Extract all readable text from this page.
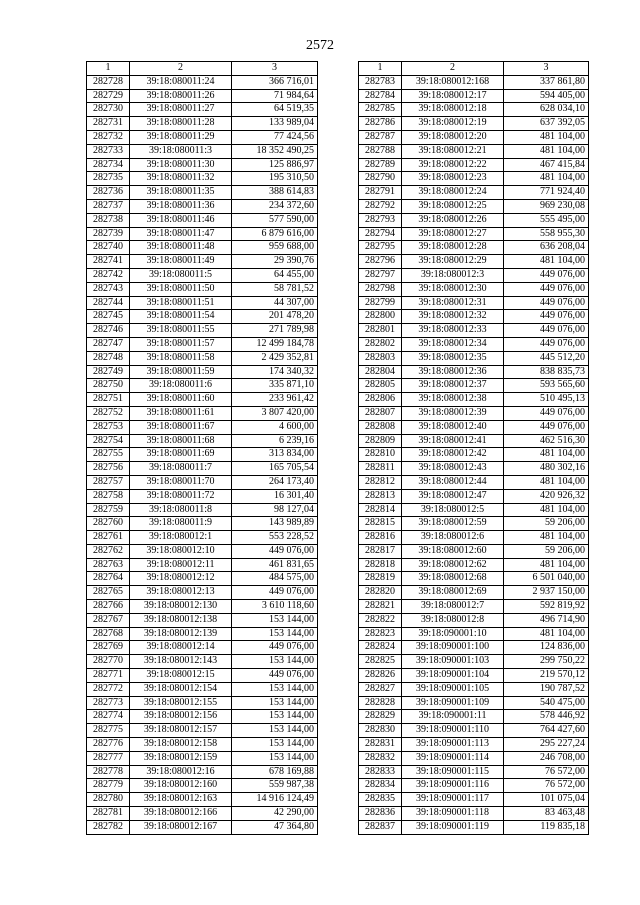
2572
1	2	3
282728	39:18:080011:24	366 716,01
282729	39:18:080011:26	71 984,64
282730	39:18:080011:27	64 519,35
282731	39:18:080011:28	133 989,04
282732	39:18:080011:29	77 424,56
282733	39:18:080011:3	18 352 490,25
282734	39:18:080011:30	125 886,97
282735	39:18:080011:32	195 310,50
282736	39:18:080011:35	388 614,83
282737	39:18:080011:36	234 372,60
282738	39:18:080011:46	577 590,00
282739	39:18:080011:47	6 879 616,00
282740	39:18:080011:48	959 688,00
282741	39:18:080011:49	29 390,76
282742	39:18:080011:5	64 455,00
282743	39:18:080011:50	58 781,52
282744	39:18:080011:51	44 307,00
282745	39:18:080011:54	201 478,20
282746	39:18:080011:55	271 789,98
282747	39:18:080011:57	12 499 184,78
282748	39:18:080011:58	2 429 352,81
282749	39:18:080011:59	174 340,32
282750	39:18:080011:6	335 871,10
282751	39:18:080011:60	233 961,42
282752	39:18:080011:61	3 807 420,00
282753	39:18:080011:67	4 600,00
282754	39:18:080011:68	6 239,16
282755	39:18:080011:69	313 834,00
282756	39:18:080011:7	165 705,54
282757	39:18:080011:70	264 173,40
282758	39:18:080011:72	16 301,40
282759	39:18:080011:8	98 127,04
282760	39:18:080011:9	143 989,89
282761	39:18:080012:1	553 228,52
282762	39:18:080012:10	449 076,00
282763	39:18:080012:11	461 831,65
282764	39:18:080012:12	484 575,00
282765	39:18:080012:13	449 076,00
282766	39:18:080012:130	3 610 118,60
282767	39:18:080012:138	153 144,00
282768	39:18:080012:139	153 144,00
282769	39:18:080012:14	449 076,00
282770	39:18:080012:143	153 144,00
282771	39:18:080012:15	449 076,00
282772	39:18:080012:154	153 144,00
282773	39:18:080012:155	153 144,00
282774	39:18:080012:156	153 144,00
282775	39:18:080012:157	153 144,00
282776	39:18:080012:158	153 144,00
282777	39:18:080012:159	153 144,00
282778	39:18:080012:16	678 169,88
282779	39:18:080012:160	559 987,38
282780	39:18:080012:163	14 916 124,49
282781	39:18:080012:166	42 290,00
282782	39:18:080012:167	47 364,80
1	2	3
282783	39:18:080012:168	337 861,80
282784	39:18:080012:17	594 405,00
282785	39:18:080012:18	628 034,10
282786	39:18:080012:19	637 392,05
282787	39:18:080012:20	481 104,00
282788	39:18:080012:21	481 104,00
282789	39:18:080012:22	467 415,84
282790	39:18:080012:23	481 104,00
282791	39:18:080012:24	771 924,40
282792	39:18:080012:25	969 230,08
282793	39:18:080012:26	555 495,00
282794	39:18:080012:27	558 955,30
282795	39:18:080012:28	636 208,04
282796	39:18:080012:29	481 104,00
282797	39:18:080012:3	449 076,00
282798	39:18:080012:30	449 076,00
282799	39:18:080012:31	449 076,00
282800	39:18:080012:32	449 076,00
282801	39:18:080012:33	449 076,00
282802	39:18:080012:34	449 076,00
282803	39:18:080012:35	445 512,20
282804	39:18:080012:36	838 835,73
282805	39:18:080012:37	593 565,60
282806	39:18:080012:38	510 495,13
282807	39:18:080012:39	449 076,00
282808	39:18:080012:40	449 076,00
282809	39:18:080012:41	462 516,30
282810	39:18:080012:42	481 104,00
282811	39:18:080012:43	480 302,16
282812	39:18:080012:44	481 104,00
282813	39:18:080012:47	420 926,32
282814	39:18:080012:5	481 104,00
282815	39:18:080012:59	59 206,00
282816	39:18:080012:6	481 104,00
282817	39:18:080012:60	59 206,00
282818	39:18:080012:62	481 104,00
282819	39:18:080012:68	6 501 040,00
282820	39:18:080012:69	2 937 150,00
282821	39:18:080012:7	592 819,92
282822	39:18:080012:8	496 714,90
282823	39:18:090001:10	481 104,00
282824	39:18:090001:100	124 836,00
282825	39:18:090001:103	299 750,22
282826	39:18:090001:104	219 570,12
282827	39:18:090001:105	190 787,52
282828	39:18:090001:109	540 475,00
282829	39:18:090001:11	578 446,92
282830	39:18:090001:110	764 427,60
282831	39:18:090001:113	295 227,24
282832	39:18:090001:114	246 708,00
282833	39:18:090001:115	76 572,00
282834	39:18:090001:116	76 572,00
282835	39:18:090001:117	101 075,04
282836	39:18:090001:118	83 463,48
282837	39:18:090001:119	119 835,18
